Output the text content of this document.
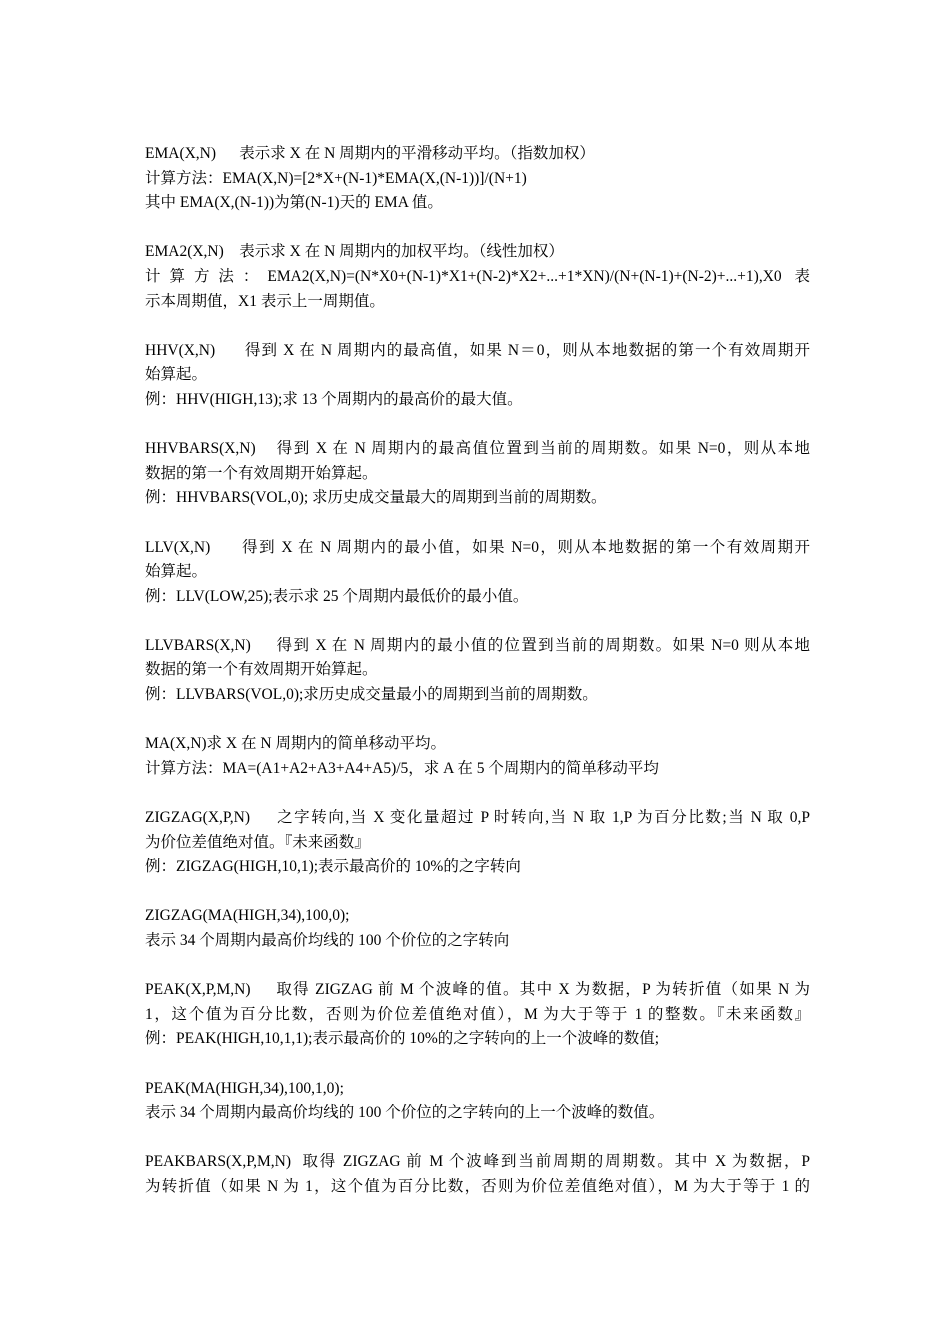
EMA(X,N)      表示求 X 在 N 周期内的平滑移动平均。（指数加权）
计算方法：EMA(X,N)=[2*X+(N-1)*EMA(X,(N-1))]/(N+1)
其中 EMA(X,(N-1))为第(N-1)天的 EMA 值。
EMA2(X,N)    表示求 X 在 N 周期内的加权平均。（线性加权）
计算方法：EMA2(X,N)=(N*X0+(N-1)*X1+(N-2)*X2+...+1*XN)/(N+(N-1)+(N-2)+...+1),X0 表
示本周期值，X1 表示上一周期值。
HHV(X,N)      得到 X 在 N 周期内的最高值，如果 N＝0，则从本地数据的第一个有效周期开
始算起。
例：HHV(HIGH,13);求 13 个周期内的最高价的最大值。
HHVBARS(X,N)    得到 X 在 N 周期内的最高值位置到当前的周期数。如果 N=0，则从本地
数据的第一个有效周期开始算起。
例：HHVBARS(VOL,0); 求历史成交量最大的周期到当前的周期数。
LLV(X,N)      得到 X 在 N 周期内的最小值，如果 N=0，则从本地数据的第一个有效周期开
始算起。
例：LLV(LOW,25);表示求 25 个周期内最低价的最小值。
LLVBARS(X,N)     得到 X 在 N 周期内的最小值的位置到当前的周期数。如果 N=0 则从本地
数据的第一个有效周期开始算起。
例：LLVBARS(VOL,0);求历史成交量最小的周期到当前的周期数。
MA(X,N)求 X 在 N 周期内的简单移动平均。
计算方法：MA=(A1+A2+A3+A4+A5)/5，求 A 在 5 个周期内的简单移动平均
ZIGZAG(X,P,N)     之字转向,当 X 变化量超过 P 时转向,当 N 取 1,P 为百分比数;当 N 取 0,P
为价位差值绝对值。『未来函数』
例：ZIGZAG(HIGH,10,1);表示最高价的 10%的之字转向
ZIGZAG(MA(HIGH,34),100,0);
表示 34 个周期内最高价均线的 100 个价位的之字转向
PEAK(X,P,M,N)     取得 ZIGZAG 前 M 个波峰的值。其中 X 为数据，P 为转折值（如果 N 为
1，这个值为百分比数，否则为价位差值绝对值），M 为大于等于 1 的整数。『未来函数』
例：PEAK(HIGH,10,1,1);表示最高价的 10%的之字转向的上一个波峰的数值;
PEAK(MA(HIGH,34),100,1,0);
表示 34 个周期内最高价均线的 100 个价位的之字转向的上一个波峰的数值。
PEAKBARS(X,P,M,N)  取得 ZIGZAG 前 M 个波峰到当前周期的周期数。其中 X 为数据，P
为转折值（如果 N 为 1，这个值为百分比数，否则为价位差值绝对值），M 为大于等于 1 的
